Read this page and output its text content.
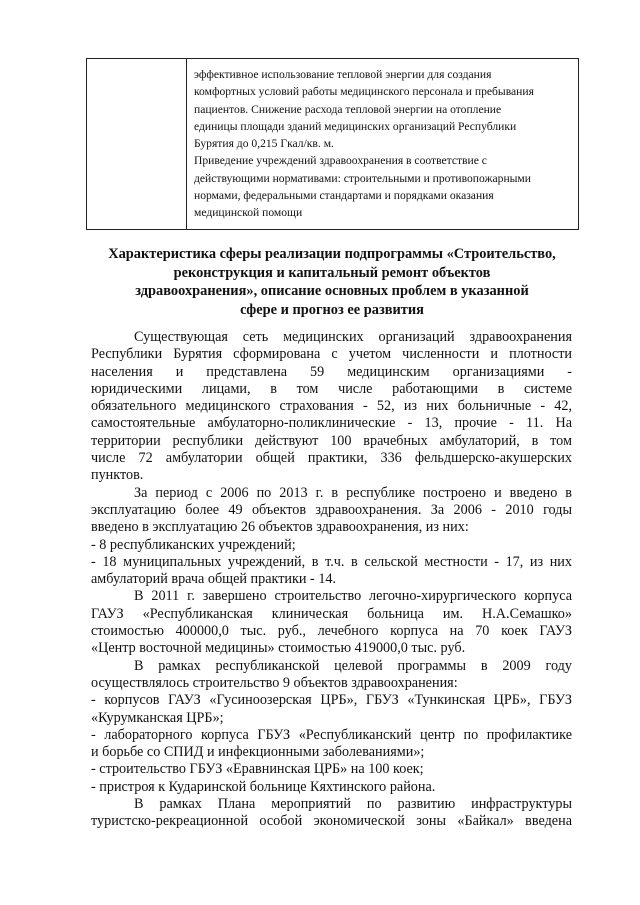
эффективное использование тепловой энергии для создания

комфортных условий работы медицинского персонала и пребывания

пациентов. Снижение расхода тепловой энергии на отопление

единицы площади зданий медицинских организаций Республики

Бурятия до 0,215 Гкал/кв. м.

Приведение учреждений здравоохранения в соответствие с

действующими нормативами: строительными и противопожарными

нормами, федеральными стандартами и порядками оказания

медицинской помощи

Характеристика сферы реализации подпрограммы «Строительство,
реконструкция и капитальный ремонт объектов
здравоохранения», описание основных проблем в указанной
сфере и прогноз ее развития
Существующая сеть медицинских организаций здравоохранения
Республики Бурятия сформирована с учетом численности и плотности
населения и представлена 59 медицинским организациями -
юридическими лицами, в том числе работающими в системе
обязательного медицинского страхования - 52, из них больничные - 42,
самостоятельные амбулаторно-поликлинические - 13, прочие - 11. На
территории республики действуют 100 врачебных амбулаторий, в том
числе 72 амбулатории общей практики, 336 фельдшерско-акушерских
пунктов.
За период с 2006 по 2013 г. в республике построено и введено в
эксплуатацию более 49 объектов здравоохранения. За 2006 - 2010 годы
введено в эксплуатацию 26 объектов здравоохранения, из них:
- 8 республиканских учреждений;
- 18 муниципальных учреждений, в т.ч. в сельской местности - 17, из них
амбулаторий врача общей практики - 14.
В 2011 г. завершено строительство легочно-хирургического корпуса
ГАУЗ «Республиканская клиническая больница им. Н.А.Семашко»
стоимостью 400000,0 тыс. руб., лечебного корпуса на 70 коек ГАУЗ
«Центр восточной медицины» стоимостью 419000,0 тыс. руб.
В рамках республиканской целевой программы в 2009 году
осуществлялось строительство 9 объектов здравоохранения:
- корпусов ГАУЗ «Гусиноозерская ЦРБ», ГБУЗ «Тункинская ЦРБ», ГБУЗ
«Курумканская ЦРБ»;
- лабораторного корпуса ГБУЗ «Республиканский центр по профилактике
и борьбе со СПИД и инфекционными заболеваниями»;
- строительство ГБУЗ «Еравнинская ЦРБ» на 100 коек;
- пристроя к Кударинской больнице Кяхтинского района.
В рамках Плана мероприятий по развитию инфраструктуры
туристско-рекреационной особой экономической зоны «Байкал» введена
